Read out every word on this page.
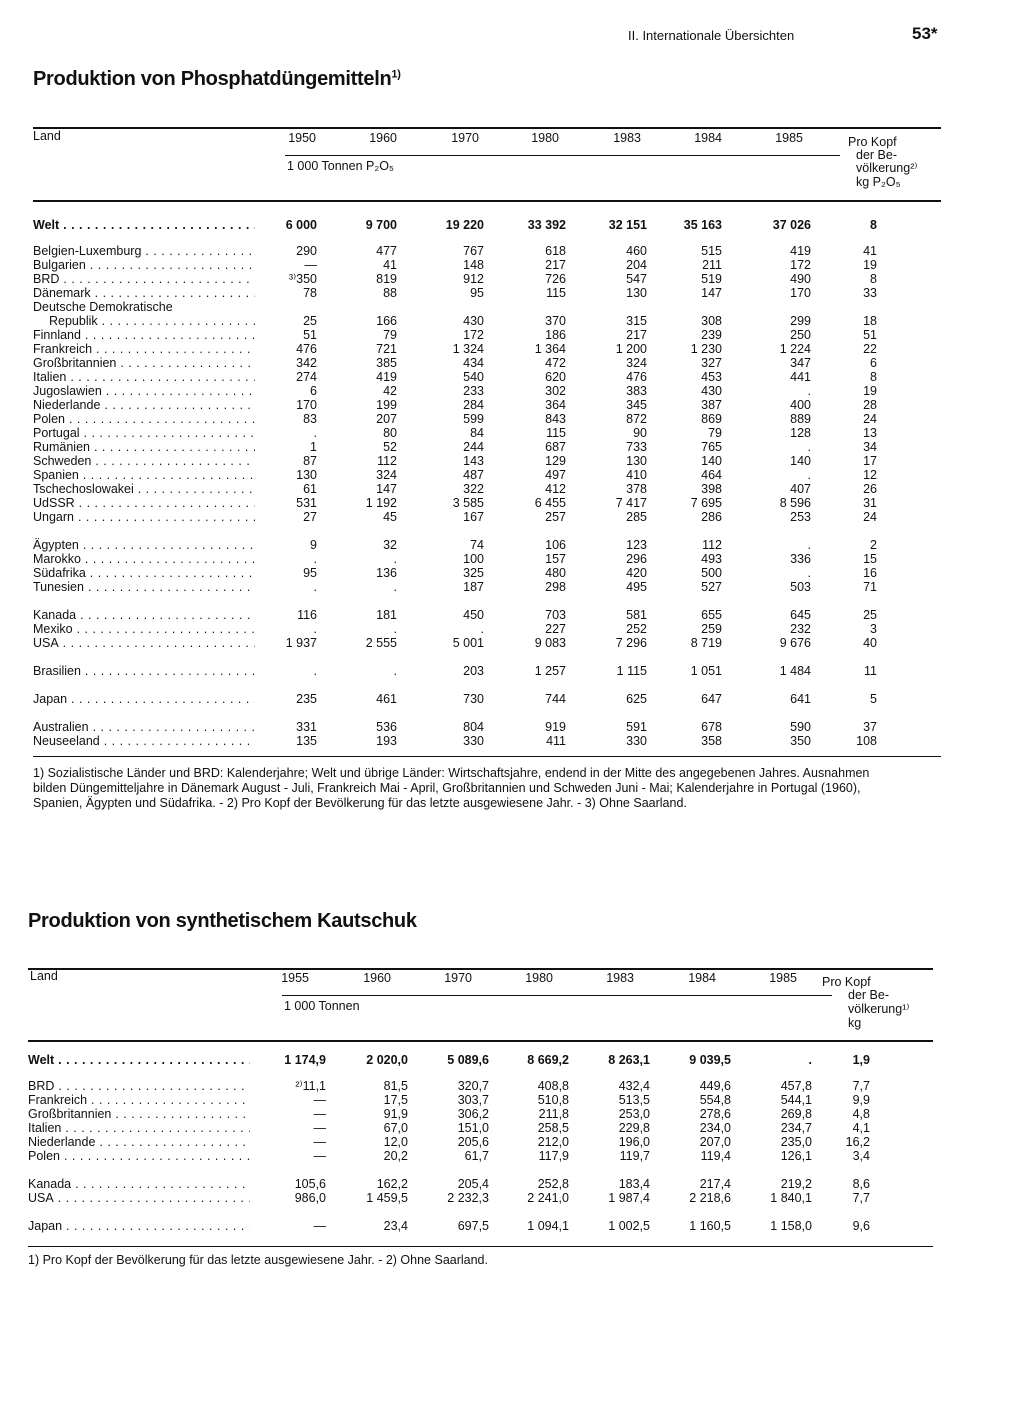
II. Internationale Übersichten	53*
Produktion von Phosphatdüngemitteln$^{1)}$
Land	1950	1960	1970	1980	1983	1984	1985
1 000 Tonnen P₂O₅
Pro Kopf
der Be-
völkerung²⁾
kg P₂O₅
Welt . . .	6 000	9 700	19 220	33 392	32 151	35 163	37 026	8
Belgien-Luxemburg . . .	290	477	767	618	460	515	419	41
Bulgarien . . .	—	41	148	217	204	211	172	19
BRD . . .	³⁾350	819	912	726	547	519	490	8
Dänemark . . .	78	88	95	115	130	147	170	33
Deutsche Demokratische
Republik . . .	25	166	430	370	315	308	299	18
Finnland . . .	51	79	172	186	217	239	250	51
Frankreich . . .	476	721	1 324	1 364	1 200	1 230	1 224	22
Großbritannien . . .	342	385	434	472	324	327	347	6
Italien . . .	274	419	540	620	476	453	441	8
Jugoslawien . . .	6	42	233	302	383	430	.	19
Niederlande . . .	170	199	284	364	345	387	400	28
Polen . . .	83	207	599	843	872	869	889	24
Portugal . . .	.	80	84	115	90	79	128	13
Rumänien . . .	1	52	244	687	733	765	.	34
Schweden . . .	87	112	143	129	130	140	140	17
Spanien . . .	130	324	487	497	410	464	.	12
Tschechoslowakei . . .	61	147	322	412	378	398	407	26
UdSSR . . .	531	1 192	3 585	6 455	7 417	7 695	8 596	31
Ungarn . . .	27	45	167	257	285	286	253	24
Ägypten . . .	9	32	74	106	123	112	.	2
Marokko . . .	.	.	100	157	296	493	336	15
Südafrika . . .	95	136	325	480	420	500	.	16
Tunesien . . .	.	.	187	298	495	527	503	71
Kanada . . .	116	181	450	703	581	655	645	25
Mexiko . . .	.	.	.	227	252	259	232	3
USA . . .	1 937	2 555	5 001	9 083	7 296	8 719	9 676	40
Brasilien . . .	.	.	203	1 257	1 115	1 051	1 484	11
Japan . . .	235	461	730	744	625	647	641	5
Australien . . .	331	536	804	919	591	678	590	37
Neuseeland . . .	135	193	330	411	330	358	350	108
1) Sozialistische Länder und BRD: Kalenderjahre; Welt und übrige Länder: Wirtschaftsjahre, endend in der Mitte des angegebenen Jahres. Ausnahmen
bilden Düngemitteljahre in Dänemark August - Juli, Frankreich Mai - April, Großbritannien und Schweden Juni - Mai; Kalenderjahre in Portugal (1960),
Spanien, Ägypten und Südafrika. - 2) Pro Kopf der Bevölkerung für das letzte ausgewiesene Jahr. - 3) Ohne Saarland.
Produktion von synthetischem Kautschuk
Land	1955	1960	1970	1980	1983	1984	1985
1 000 Tonnen
Pro Kopf
der Be-
völkerung¹⁾
kg
Welt . . .	1 174,9	2 020,0	5 089,6	8 669,2	8 263,1	9 039,5	.	1,9
BRD . . .	²⁾11,1	81,5	320,7	408,8	432,4	449,6	457,8	7,7
Frankreich . . .	—	17,5	303,7	510,8	513,5	554,8	544,1	9,9
Großbritannien . . .	—	91,9	306,2	211,8	253,0	278,6	269,8	4,8
Italien . . .	—	67,0	151,0	258,5	229,8	234,0	234,7	4,1
Niederlande . . .	—	12,0	205,6	212,0	196,0	207,0	235,0	16,2
Polen . . .	—	20,2	61,7	117,9	119,7	119,4	126,1	3,4
Kanada . . .	105,6	162,2	205,4	252,8	183,4	217,4	219,2	8,6
USA . . .	986,0	1 459,5	2 232,3	2 241,0	1 987,4	2 218,6	1 840,1	7,7
Japan . . .	—	23,4	697,5	1 094,1	1 002,5	1 160,5	1 158,0	9,6
1) Pro Kopf der Bevölkerung für das letzte ausgewiesene Jahr. - 2) Ohne Saarland.
